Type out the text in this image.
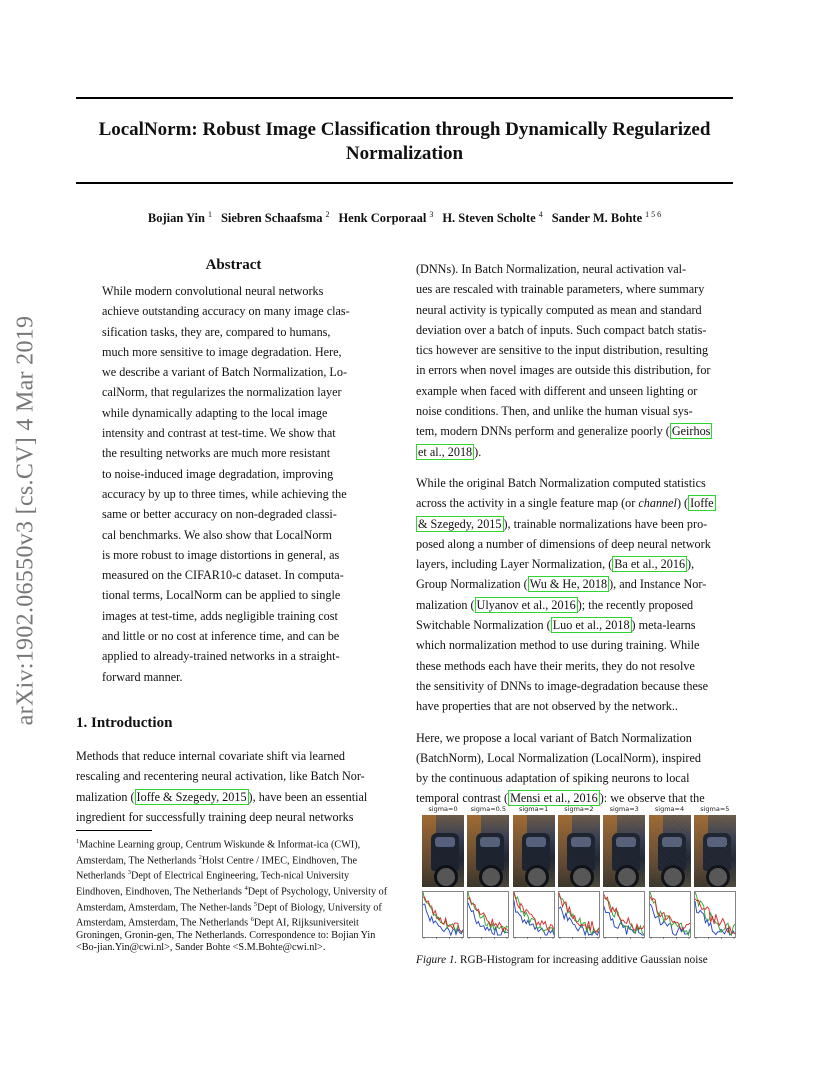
LocalNorm: Robust Image Classification through Dynamically Regularized
Normalization
Bojian Yin $^1$ Siebren Schaafsma $^2$ Henk Corporaal $^3$ H. Steven Scholte $^4$ Sander M. Bohte $^{1 5 6}$
arXiv:1902.06550v3 [cs.CV] 4 Mar 2019
Abstract
While modern convolutional neural networks
achieve outstanding accuracy on many image clas-
sification tasks, they are, compared to humans,
much more sensitive to image degradation. Here,
we describe a variant of Batch Normalization, Lo-
calNorm, that regularizes the normalization layer
while dynamically adapting to the local image
intensity and contrast at test-time. We show that
the resulting networks are much more resistant
to noise-induced image degradation, improving
accuracy by up to three times, while achieving the
same or better accuracy on non-degraded classi-
cal benchmarks. We also show that LocalNorm
is more robust to image distortions in general, as
measured on the CIFAR10-c dataset. In computa-
tional terms, LocalNorm can be applied to single
images at test-time, adds negligible training cost
and little or no cost at inference time, and can be
applied to already-trained networks in a straight-
forward manner.
1. Introduction
Methods that reduce internal covariate shift via learned
rescaling and recentering neural activation, like Batch Nor-
malization ( Ioffe & Szegedy, 2015 ), have been an essential
ingredient for successfully training deep neural networks
$^1$Machine Learning group, Centrum Wiskunde & Informat-ica (CWI), Amsterdam, The Netherlands $^2$Holst Centre / IMEC, Eindhoven, The Netherlands $^3$Dept of Electrical Engineering, Tech-nical University Eindhoven, Eindhoven, The Netherlands $^4$Dept of Psychology, University of Amsterdam, Amsterdam, The Nether-lands $^5$Dept of Biology, University of Amsterdam, Amsterdam, The Netherlands $^6$Dept AI, Rijksuniversiteit Groningen, Gronin-gen, The Netherlands. Correspondence to: Bojian Yin <Bo-jian.Yin@cwi.nl>, Sander Bohte <S.M.Bohte@cwi.nl>.
(DNNs). In Batch Normalization, neural activation val-
ues are rescaled with trainable parameters, where summary
neural activity is typically computed as mean and standard
deviation over a batch of inputs. Such compact batch statis-
tics however are sensitive to the input distribution, resulting
in errors when novel images are outside this distribution, for
example when faced with different and unseen lighting or
noise conditions. Then, and unlike the human visual sys-
tem, modern DNNs perform and generalize poorly ( Geirhos
et al., 2018 ).
While the original Batch Normalization computed statistics
across the activity in a single feature map (or channel) ( Ioffe
& Szegedy, 2015 ), trainable normalizations have been pro-
posed along a number of dimensions of deep neural network
layers, including Layer Normalization, ( Ba et al., 2016 ),
Group Normalization ( Wu & He, 2018 ), and Instance Nor-
malization ( Ulyanov et al., 2016 ); the recently proposed
Switchable Normalization ( Luo et al., 2018 ) meta-learns
which normalization method to use during training. While
these methods each have their merits, they do not resolve
the sensitivity of DNNs to image-degradation because these
have properties that are not observed by the network..
Here, we propose a local variant of Batch Normalization
(BatchNorm), Local Normalization (LocalNorm), inspired
by the continuous adaptation of spiking neurons to local
temporal contrast ( Mensi et al., 2016 ): we observe that the
sigma=0	sigma=0.5	sigma=1	sigma=2	sigma=3	sigma=4	sigma=5
Figure 1. RGB-Histogram for increasing additive Gaussian noise
